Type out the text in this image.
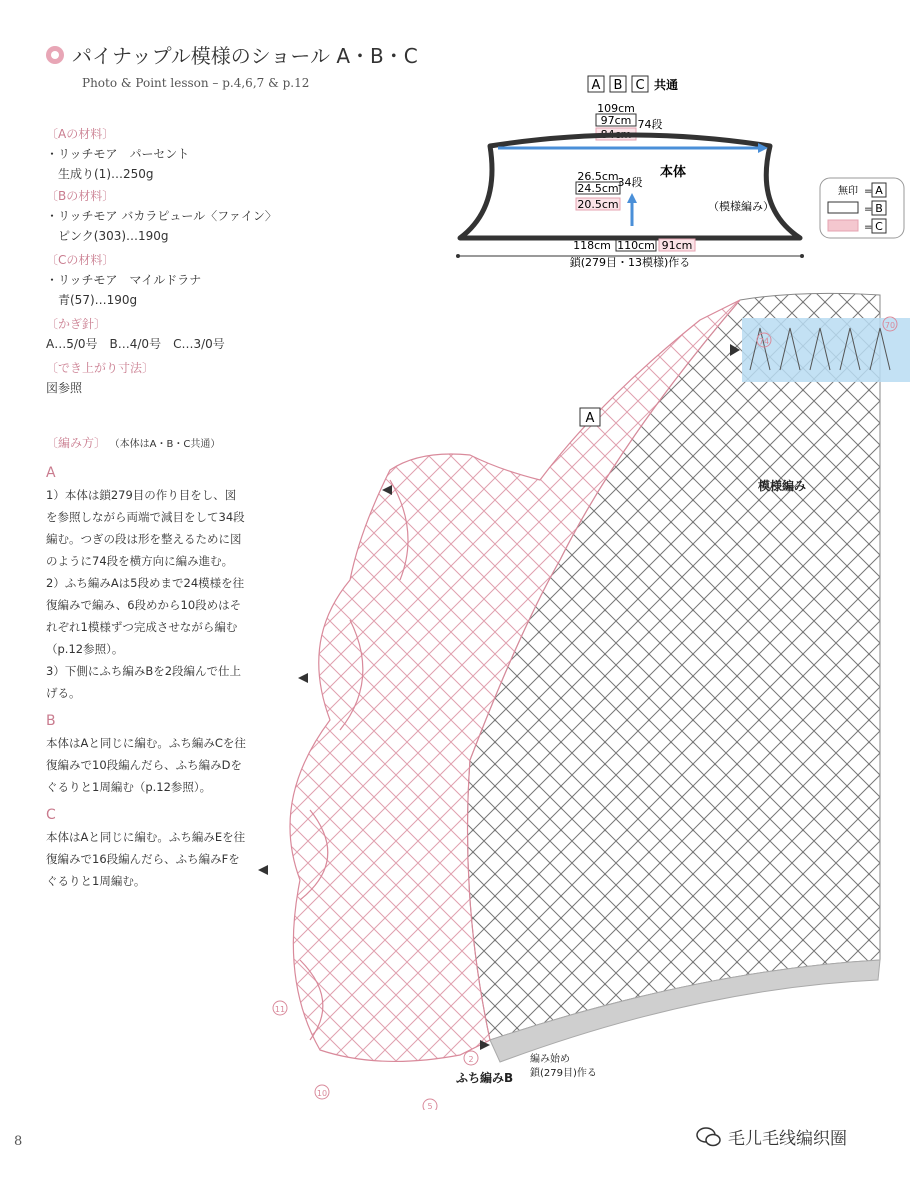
パイナップル模様のショール A・B・C
Photo & Point lesson – p.4,6,7 & p.12
〔Aの材料〕
・リッチモア　パーセント
　生成り(1)…250g
〔Bの材料〕
・リッチモア バカラピュール〈ファイン〉
　ピンク(303)…190g
〔Cの材料〕
・リッチモア　マイルドラナ
　青(57)…190g
〔かぎ針〕
A…5/0号　B…4/0号　C…3/0号
〔でき上がり寸法〕
図参照
〔編み方〕 （本体はA・B・C共通）
A

1）本体は鎖279目の作り目をし、図を参照しながら両端で減目をして34段編む。つぎの段は形を整えるために図のように74段を横方向に編み進む。

2）ふち編みAは5段めまで24模様を往復編みで編み、6段めから10段めはそれぞれ1模様ずつ完成させながら編む（p.12参照）。

3）下側にふち編みBを2段編んで仕上げる。

B

本体はAと同じに編む。ふち編みCを往復編みで10段編んだら、ふち編みDをぐるりと1周編む（p.12参照）。

C

本体はAと同じに編む。ふち編みEを往復編みで16段編んだら、ふち編みFをぐるりと1周編む。

A B C 共通
109cm
97cm
84cm
74段
本体
26.5cm
24.5cm
20.5cm
34段
（模様編み）
118cm 110cm 91cm
鎖(279目・13模様)作る
無印 = A
= B
= C
A
模様編み
ふち編みB
編み始め
鎖(279目)作る
74
70
11
10
5
2
8	毛儿毛线编织圈
